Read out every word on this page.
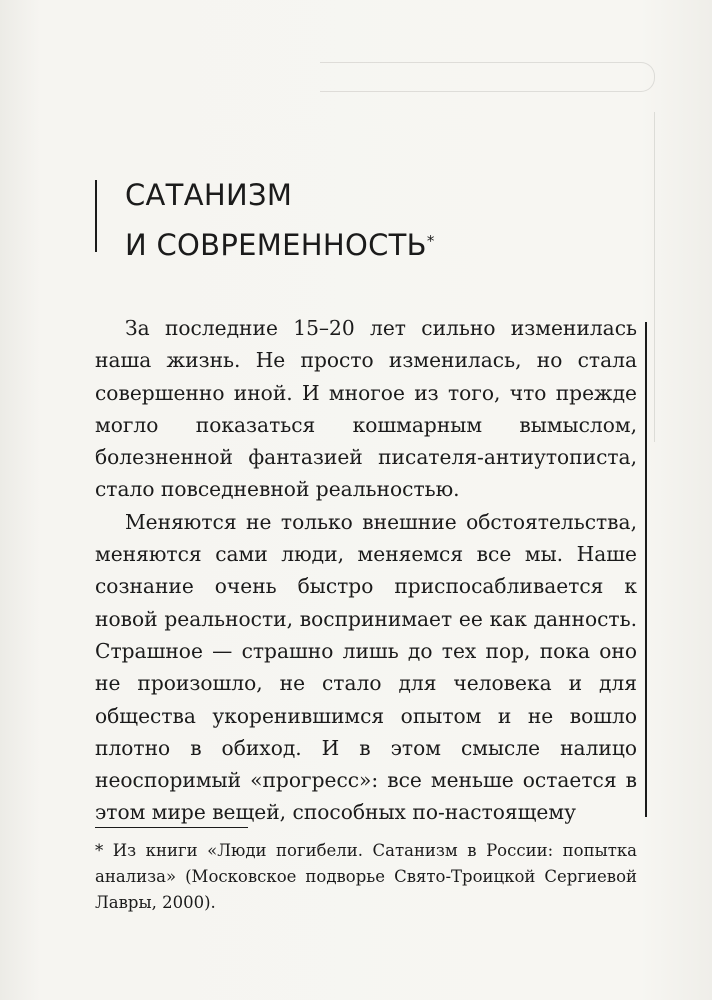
САТАНИЗМ
И СОВРЕМЕННОСТЬ*

За последние 15–20 лет сильно изменилась наша жизнь. Не просто изменилась, но стала совершенно иной. И многое из того, что прежде могло показаться кошмарным вымыслом, болезненной фантазией писателя-антиутописта, стало повседневной реальностью.

Меняются не только внешние обстоятельства, меняются сами люди, меняемся все мы. Наше сознание очень быстро приспосабливается к новой реальности, воспринимает ее как данность. Страшное — страшно лишь до тех пор, пока оно не произошло, не стало для человека и для общества укоренившимся опытом и не вошло плотно в обиход. И в этом смысле налицо неоспоримый «прогресс»: все меньше остается в этом мире вещей, способных по-настоящему

* Из книги «Люди погибели. Сатанизм в России: попытка анализа» (Московское подворье Свято-Троицкой Сергиевой Лавры, 2000).
